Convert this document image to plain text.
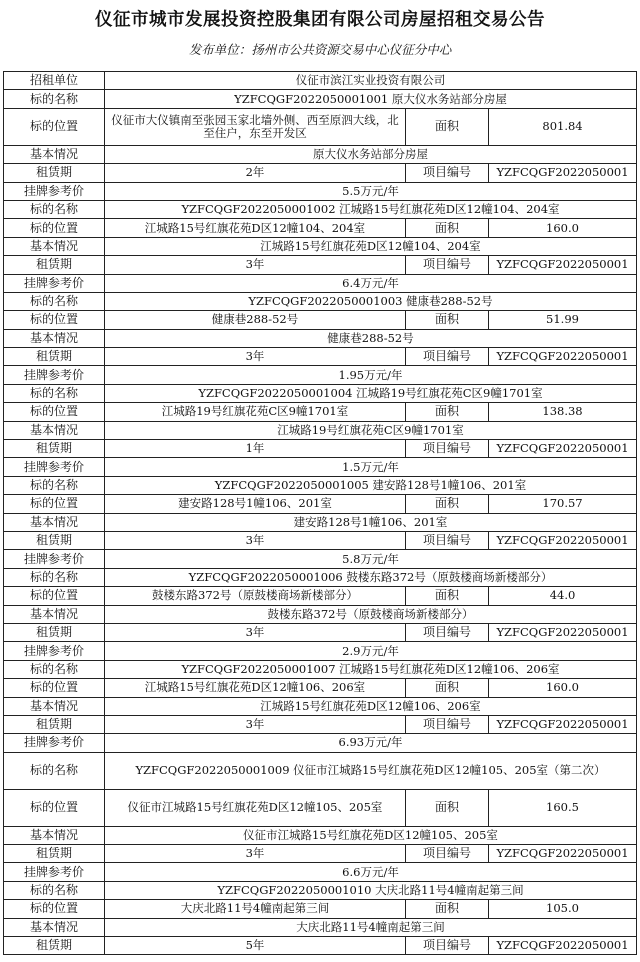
仪征市城市发展投资控股集团有限公司房屋招租交易公告
发布单位：扬州市公共资源交易中心仪征分中心
招租单位	仪征市滨江实业投资有限公司		
标的名称	YZFCQGF2022050001001 原大仪水务站部分房屋		
标的位置	仪征市大仪镇南至张园玉家北墙外侧、西至原泗大线，北至住户，东至开发区	面积	801.84
基本情况	原大仪水务站部分房屋		
租赁期	2年	项目编号	YZFCQGF2022050001
挂牌参考价	5.5万元/年		
标的名称	YZFCQGF2022050001002 江城路15号红旗花苑D区12幢104、204室		
标的位置	江城路15号红旗花苑D区12幢104、204室	面积	160.0
基本情况	江城路15号红旗花苑D区12幢104、204室		
租赁期	3年	项目编号	YZFCQGF2022050001
挂牌参考价	6.4万元/年		
标的名称	YZFCQGF2022050001003 健康巷288-52号		
标的位置	健康巷288-52号	面积	51.99
基本情况	健康巷288-52号		
租赁期	3年	项目编号	YZFCQGF2022050001
挂牌参考价	1.95万元/年		
标的名称	YZFCQGF2022050001004 江城路19号红旗花苑C区9幢1701室		
标的位置	江城路19号红旗花苑C区9幢1701室	面积	138.38
基本情况	江城路19号红旗花苑C区9幢1701室		
租赁期	1年	项目编号	YZFCQGF2022050001
挂牌参考价	1.5万元/年		
标的名称	YZFCQGF2022050001005 建安路128号1幢106、201室		
标的位置	建安路128号1幢106、201室	面积	170.57
基本情况	建安路128号1幢106、201室		
租赁期	3年	项目编号	YZFCQGF2022050001
挂牌参考价	5.8万元/年		
标的名称	YZFCQGF2022050001006 鼓楼东路372号（原鼓楼商场新楼部分）		
标的位置	鼓楼东路372号（原鼓楼商场新楼部分）	面积	44.0
基本情况	鼓楼东路372号（原鼓楼商场新楼部分）		
租赁期	3年	项目编号	YZFCQGF2022050001
挂牌参考价	2.9万元/年		
标的名称	YZFCQGF2022050001007 江城路15号红旗花苑D区12幢106、206室		
标的位置	江城路15号红旗花苑D区12幢106、206室	面积	160.0
基本情况	江城路15号红旗花苑D区12幢106、206室		
租赁期	3年	项目编号	YZFCQGF2022050001
挂牌参考价	6.93万元/年		
标的名称	YZFCQGF2022050001009 仪征市江城路15号红旗花苑D区12幢105、205室（第二次）		
标的位置	仪征市江城路15号红旗花苑D区12幢105、205室	面积	160.5
基本情况	仪征市江城路15号红旗花苑D区12幢105、205室		
租赁期	3年	项目编号	YZFCQGF2022050001
挂牌参考价	6.6万元/年		
标的名称	YZFCQGF2022050001010 大庆北路11号4幢南起第三间		
标的位置	大庆北路11号4幢南起第三间	面积	105.0
基本情况	大庆北路11号4幢南起第三间		
租赁期	5年	项目编号	YZFCQGF2022050001
